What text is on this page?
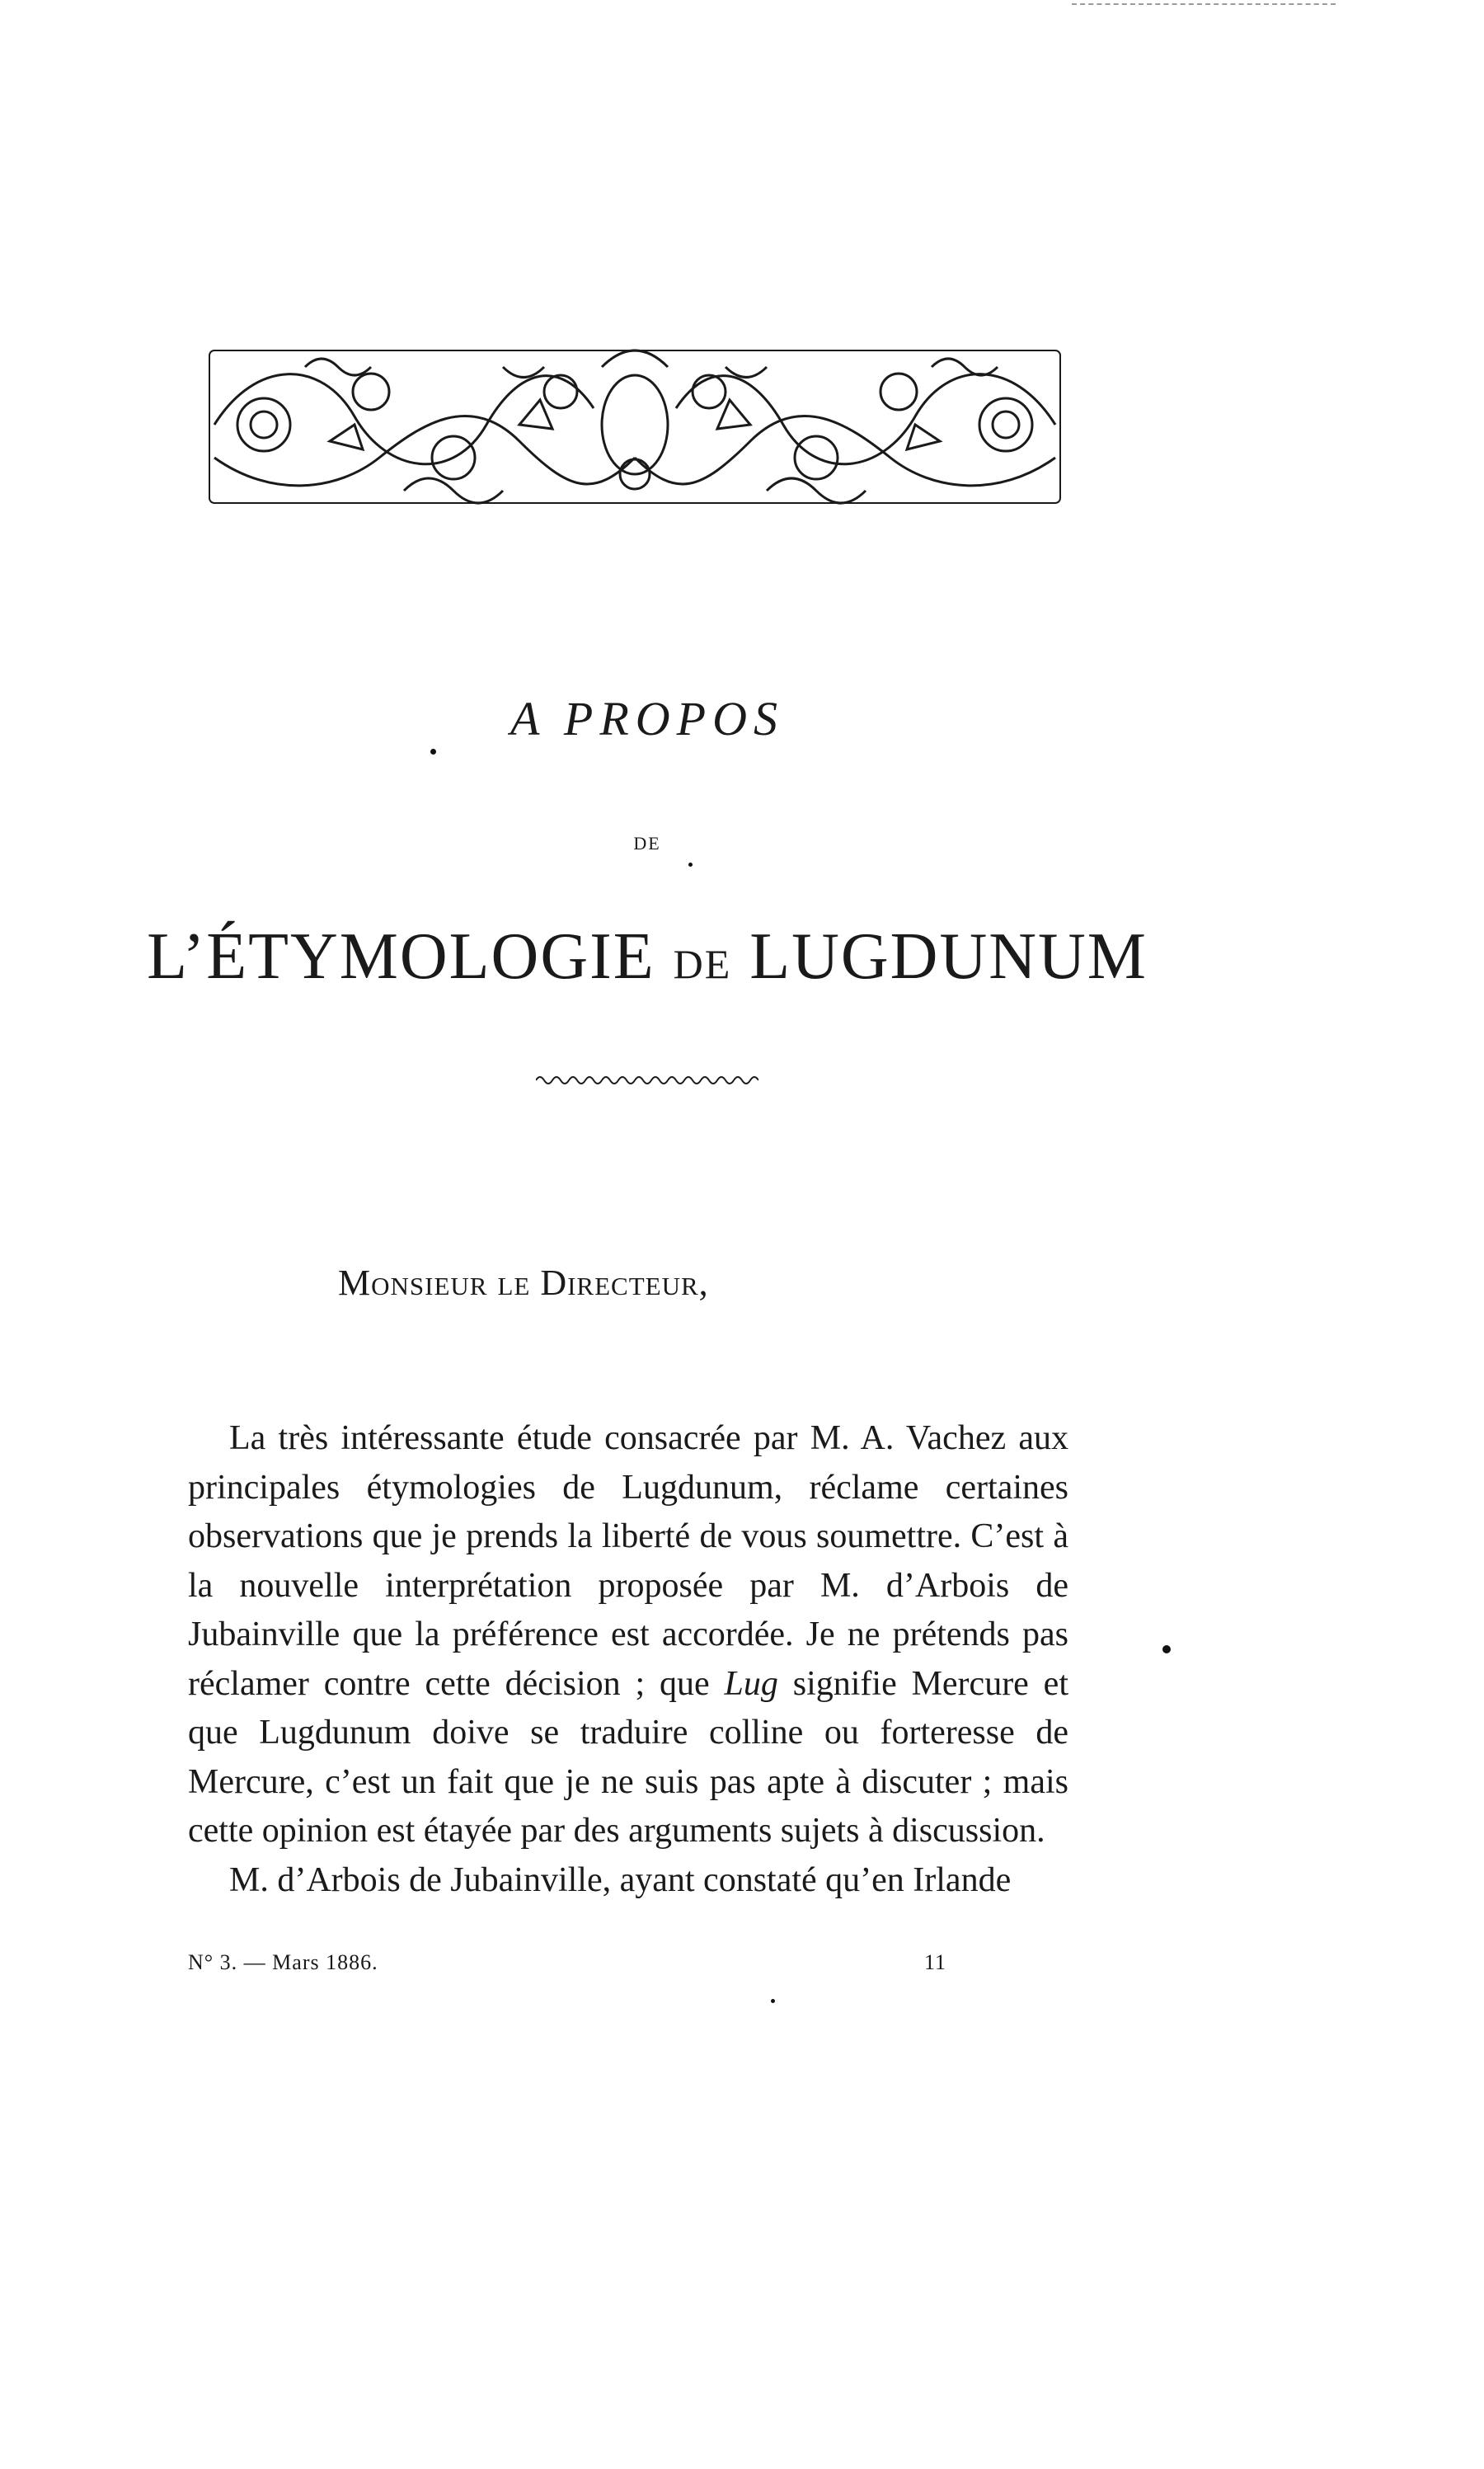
A PROPOS
DE
L’ÉTYMOLOGIE DE LUGDUNUM
Monsieur le Directeur,

La très intéressante étude consacrée par M. A. Vachez aux principales étymologies de Lugdunum, réclame certaines observations que je prends la liberté de vous soumettre. C’est à la nouvelle interprétation proposée par M. d’Arbois de Jubainville que la préférence est accordée. Je ne prétends pas réclamer contre cette décision ; que Lug signifie Mercure et que Lugdunum doive se traduire colline ou forteresse de Mercure, c’est un fait que je ne suis pas apte à discuter ; mais cette opinion est étayée par des arguments sujets à discussion.

M. d’Arbois de Jubainville, ayant constaté qu’en Irlande

N° 3. — Mars 1886.	11
